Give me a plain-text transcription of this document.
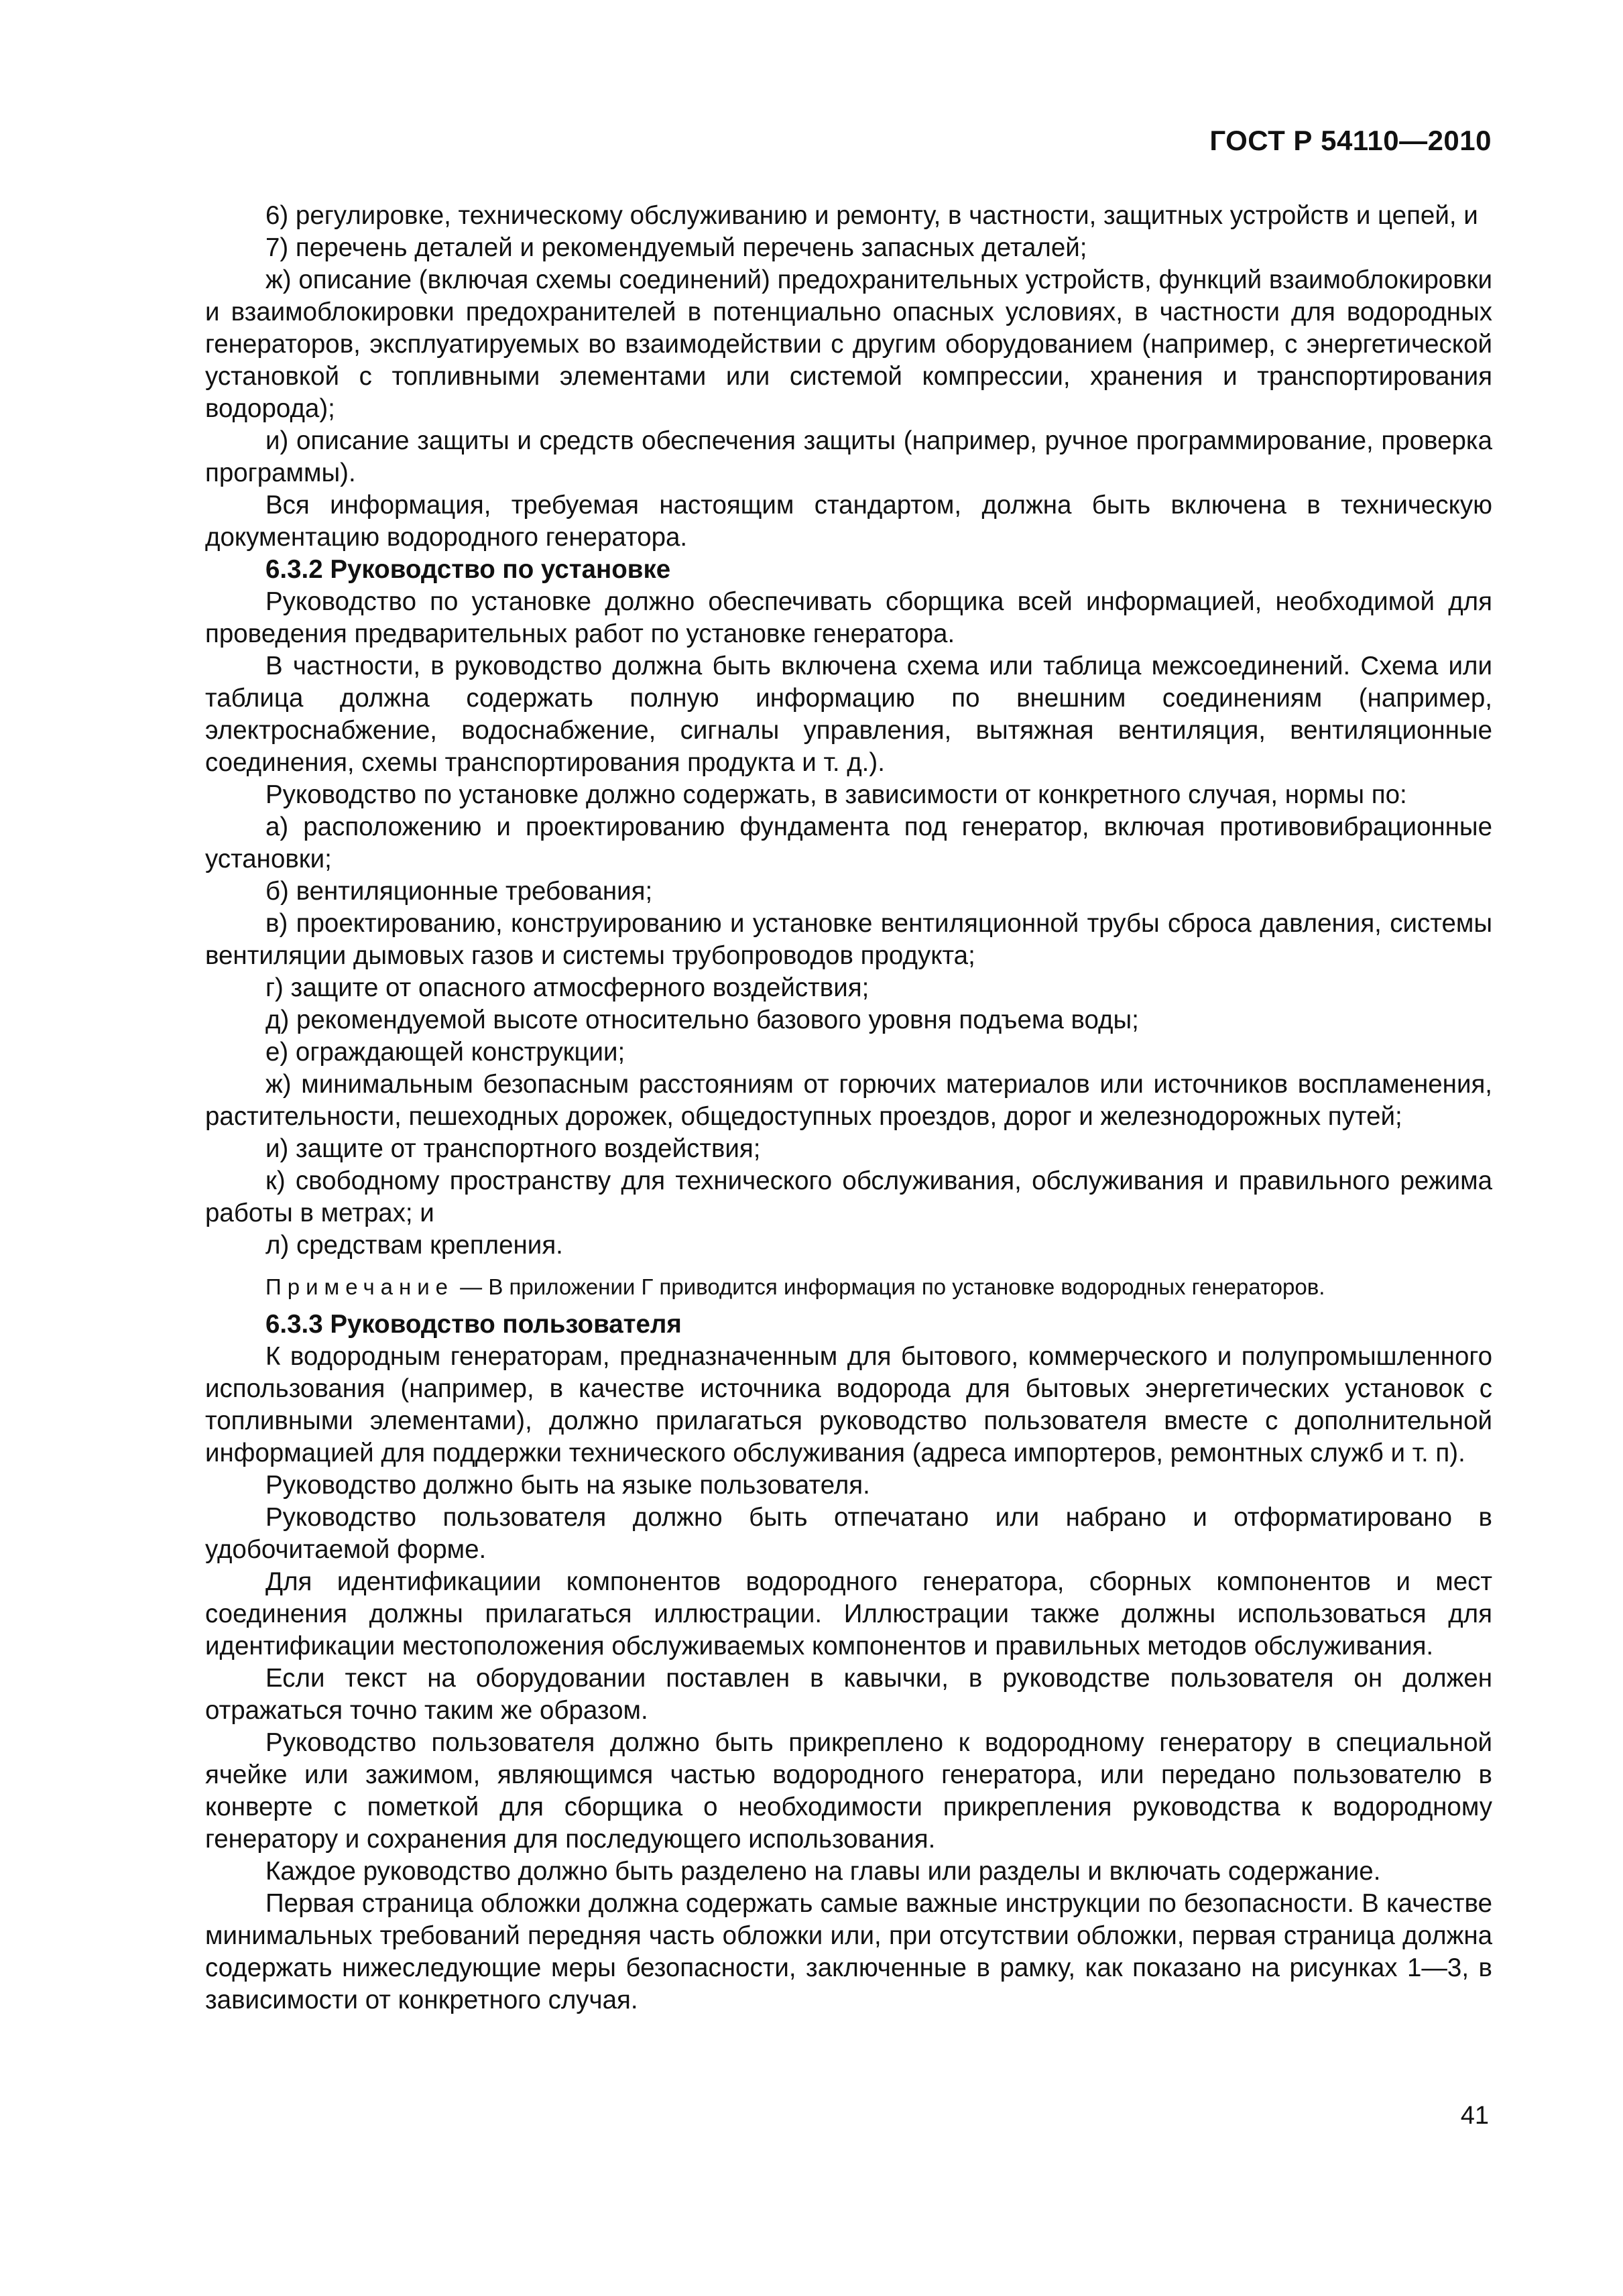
ГОСТ Р 54110—2010

6) регулировке, техническому обслуживанию и ремонту, в частности, защитных устройств и цепей, и

7) перечень деталей и рекомендуемый перечень запасных деталей;

ж) описание (включая схемы соединений) предохранительных устройств, функций взаимоблокировки и взаимоблокировки предохранителей в потенциально опасных условиях, в частности для водородных генераторов, эксплуатируемых во взаимодействии с другим оборудованием (например, с энергетической установкой с топливными элементами или системой компрессии, хранения и транспортирования водорода);

и) описание защиты и средств обеспечения защиты (например, ручное программирование, проверка программы).

Вся информация, требуемая настоящим стандартом, должна быть включена в техническую документацию водородного генератора.

6.3.2 Руководство по установке

Руководство по установке должно обеспечивать сборщика всей информацией, необходимой для проведения предварительных работ по установке генератора.

В частности, в руководство должна быть включена схема или таблица межсоединений. Схема или таблица должна содержать полную информацию по внешним соединениям (например, электроснабжение, водоснабжение, сигналы управления, вытяжная вентиляция, вентиляционные соединения, схемы транспортирования продукта и т. д.).

Руководство по установке должно содержать, в зависимости от конкретного случая, нормы по:

а) расположению и проектированию фундамента под генератор, включая противовибрационные установки;

б) вентиляционные требования;

в) проектированию, конструированию и установке вентиляционной трубы сброса давления, системы вентиляции дымовых газов и системы трубопроводов продукта;

г) защите от опасного атмосферного воздействия;

д) рекомендуемой высоте относительно базового уровня подъема воды;

е) ограждающей конструкции;

ж) минимальным безопасным расстояниям от горючих материалов или источников воспламенения, растительности, пешеходных дорожек, общедоступных проездов, дорог и железнодорожных путей;

и) защите от транспортного воздействия;

к) свободному пространству для технического обслуживания, обслуживания и правильного режима работы в метрах; и

л) средствам крепления.

Примечание — В приложении Г приводится информация по установке водородных генераторов.

6.3.3 Руководство пользователя

К водородным генераторам, предназначенным для бытового, коммерческого и полупромышленного использования (например, в качестве источника водорода для бытовых энергетических установок с топливными элементами), должно прилагаться руководство пользователя вместе с дополнительной информацией для поддержки технического обслуживания (адреса импортеров, ремонтных служб и т. п).

Руководство должно быть на языке пользователя.

Руководство пользователя должно быть отпечатано или набрано и отформатировано в удобочитаемой форме.

Для идентификациии компонентов водородного генератора, сборных компонентов и мест соединения должны прилагаться иллюстрации. Иллюстрации также должны использоваться для идентификации местоположения обслуживаемых компонентов и правильных методов обслуживания.

Если текст на оборудовании поставлен в кавычки, в руководстве пользователя он должен отражаться точно таким же образом.

Руководство пользователя должно быть прикреплено к водородному генератору в специальной ячейке или зажимом, являющимся частью водородного генератора, или передано пользователю в конверте с пометкой для сборщика о необходимости прикрепления руководства к водородному генератору и сохранения для последующего использования.

Каждое руководство должно быть разделено на главы или разделы и включать содержание.

Первая страница обложки должна содержать самые важные инструкции по безопасности. В качестве минимальных требований передняя часть обложки или, при отсутствии обложки, первая страница должна содержать нижеследующие меры безопасности, заключенные в рамку, как показано на рисунках 1—3, в зависимости от конкретного случая.

41
